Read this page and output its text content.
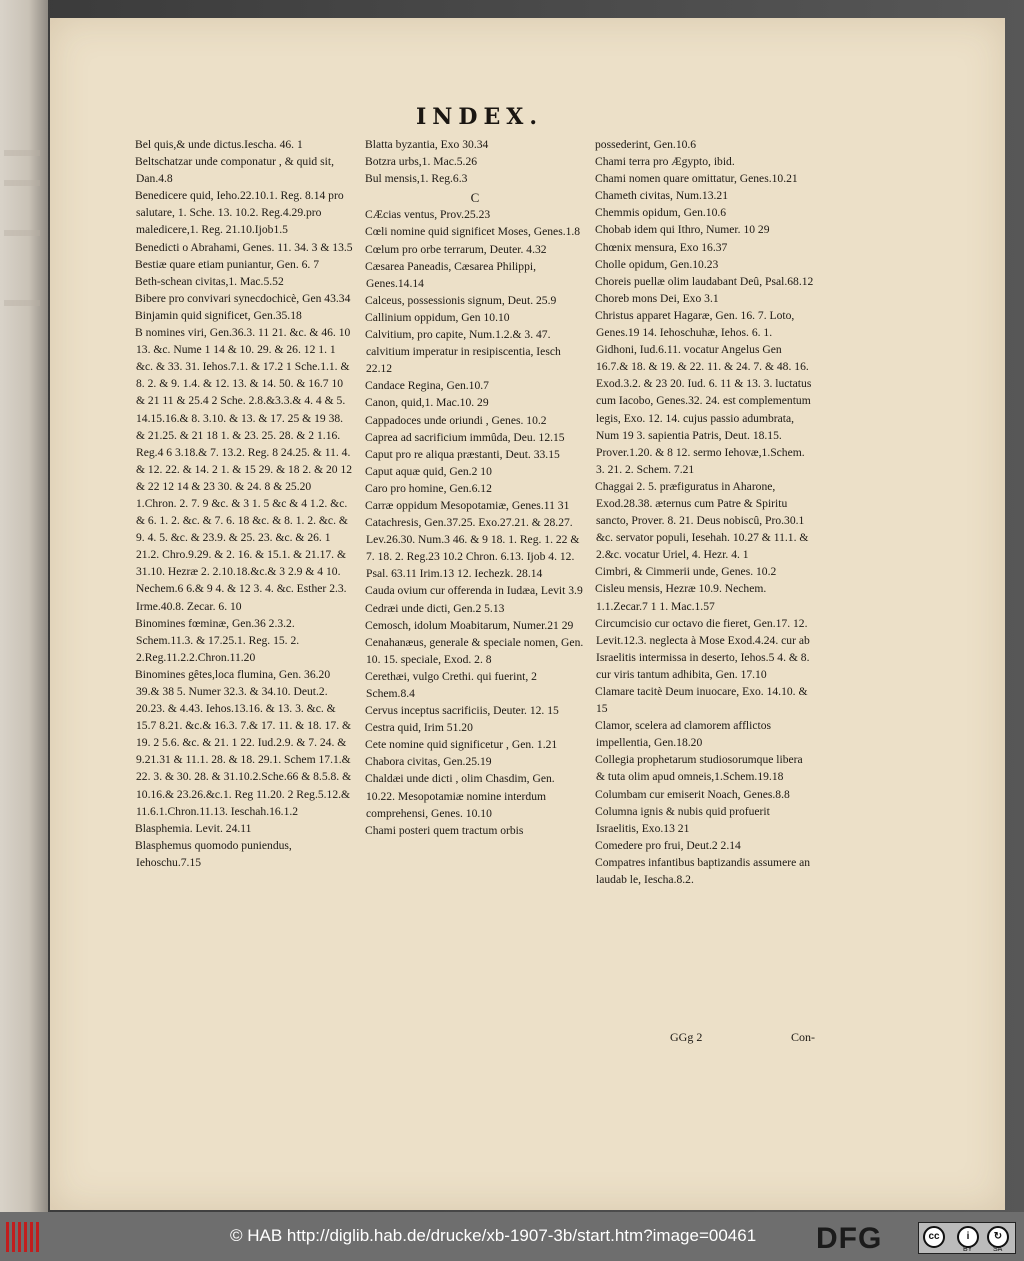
INDEX.

Bel quis,& unde dictus.Iescha. 46. 1

Beltschatzar unde componatur , & quid sit, Dan.4.8

Benedicere quid, Ieho.22.10.1. Reg. 8.14 pro salutare, 1. Sche. 13. 10.2. Reg.4.29.pro maledicere,1. Reg. 21.10.Ijob1.5

Benedicti o Abrahami, Genes. 11. 34. 3 & 13.5

Bestiæ quare etiam puniantur, Gen. 6. 7

Beth-schean civitas,1. Mac.5.52

Bibere pro convivari synecdochicè, Gen 43.34

Binjamin quid significet, Gen.35.18

B nomines viri, Gen.36.3. 11 21. &c. & 46. 10 13. &c. Nume 1 14 & 10. 29. & 26. 12 1. 1 &c. & 33. 31. Iehos.7.1. & 17.2 1 Sche.1.1. & 8. 2. & 9. 1.4. & 12. 13. & 14. 50. & 16.7 10 & 21 11 & 25.4 2 Sche. 2.8.&3.3.& 4. 4 & 5. 14.15.16.& 8. 3.10. & 13. & 17. 25 & 19 38. & 21.25. & 21 18 1. & 23. 25. 28. & 2 1.16. Reg.4 6 3.18.& 7. 13.2. Reg. 8 24.25. & 11. 4. & 12. 22. & 14. 2 1. & 15 29. & 18 2. & 20 12 & 22 12 14 & 23 30. & 24. 8 & 25.20 1.Chron. 2. 7. 9 &c. & 3 1. 5 &c & 4 1.2. &c. & 6. 1. 2. &c. & 7. 6. 18 &c. & 8. 1. 2. &c. & 9. 4. 5. &c. & 23.9. & 25. 23. &c. & 26. 1 21.2. Chro.9.29. & 2. 16. & 15.1. & 21.17. & 31.10. Hezræ 2. 2.10.18.&c.& 3 2.9 & 4 10. Nechem.6 6.& 9 4. & 12 3. 4. &c. Esther 2.3. Irme.40.8. Zecar. 6. 10

Binomines fœminæ, Gen.36 2.3.2. Schem.11.3. & 17.25.1. Reg. 15. 2. 2.Reg.11.2.2.Chron.11.20

Binomines gêtes,loca flumina, Gen. 36.20 39.& 38 5. Numer 32.3. & 34.10. Deut.2. 20.23. & 4.43. Iehos.13.16. & 13. 3. &c. & 15.7 8.21. &c.& 16.3. 7.& 17. 11. & 18. 17. & 19. 2 5.6. &c. & 21. 1 22. Iud.2.9. & 7. 24. & 9.21.31 & 11.1. 28. & 18. 29.1. Schem 17.1.& 22. 3. & 30. 28. & 31.10.2.Sche.66 & 8.5.8. & 10.16.& 23.26.&c.1. Reg 11.20. 2 Reg.5.12.& 11.6.1.Chron.11.13. Ieschah.16.1.2

Blasphemia. Levit. 24.11

Blasphemus quomodo puniendus, Iehoschu.7.15

Blatta byzantia, Exo 30.34

Botzra urbs,1. Mac.5.26

Bul mensis,1. Reg.6.3

C

CÆcias ventus, Prov.25.23

Cœli nomine quid significet Moses, Genes.1.8

Cœlum pro orbe terrarum, Deuter. 4.32

Cæsarea Paneadis, Cæsarea Philippi, Genes.14.14

Calceus, possessionis signum, Deut. 25.9

Callinium oppidum, Gen 10.10

Calvitium, pro capite, Num.1.2.& 3. 47. calvitium imperatur in resipiscentia, Iesch 22.12

Candace Regina, Gen.10.7

Canon, quid,1. Mac.10. 29

Cappadoces unde oriundi , Genes. 10.2

Caprea ad sacrificium immûda, Deu. 12.15

Caput pro re aliqua præstanti, Deut. 33.15

Caput aquæ quid, Gen.2 10

Caro pro homine, Gen.6.12

Carræ oppidum Mesopotamiæ, Genes.11 31

Catachresis, Gen.37.25. Exo.27.21. & 28.27. Lev.26.30. Num.3 46. & 9 18. 1. Reg. 1. 22 & 7. 18. 2. Reg.23 10.2 Chron. 6.13. Ijob 4. 12. Psal. 63.11 Irim.13 12. Iechezk. 28.14

Cauda ovium cur offerenda in Iudæa, Levit 3.9

Cedræi unde dicti, Gen.2 5.13

Cemosch, idolum Moabitarum, Numer.21 29

Cenahanæus, generale & speciale nomen, Gen. 10. 15. speciale, Exod. 2. 8

Cerethæi, vulgo Crethi. qui fuerint, 2 Schem.8.4

Cervus inceptus sacrificiis, Deuter. 12. 15

Cestra quid, Irim 51.20

Cete nomine quid significetur , Gen. 1.21

Chabora civitas, Gen.25.19

Chaldæi unde dicti , olim Chasdim, Gen. 10.22. Mesopotamiæ nomine interdum comprehensi, Genes. 10.10

Chami posteri quem tractum orbis

possederint, Gen.10.6

Chami terra pro Ægypto, ibid.

Chami nomen quare omittatur, Genes.10.21

Chameth civitas, Num.13.21

Chemmis opidum, Gen.10.6

Chobab idem qui Ithro, Numer. 10 29

Chœnix mensura, Exo 16.37

Cholle opidum, Gen.10.23

Choreis puellæ olim laudabant Deû, Psal.68.12

Choreb mons Dei, Exo 3.1

Christus apparet Hagaræ, Gen. 16. 7. Loto, Genes.19 14. Iehoschuhæ, Iehos. 6. 1. Gidhoni, Iud.6.11. vocatur Angelus Gen 16.7.& 18. & 19. & 22. 11. & 24. 7. & 48. 16. Exod.3.2. & 23 20. Iud. 6. 11 & 13. 3. luctatus cum Iacobo, Genes.32. 24. est complementum legis, Exo. 12. 14. cujus passio adumbrata, Num 19 3. sapientia Patris, Deut. 18.15. Prover.1.20. & 8 12. sermo Iehovæ,1.Schem. 3. 21. 2. Schem. 7.21

Chaggai 2. 5. præfiguratus in Aharone, Exod.28.38. æternus cum Patre & Spiritu sancto, Prover. 8. 21. Deus nobiscû, Pro.30.1 &c. servator populi, Iesehah. 10.27 & 11.1. & 2.&c. vocatur Uriel, 4. Hezr. 4. 1

Cimbri, & Cimmerii unde, Genes. 10.2

Cisleu mensis, Hezræ 10.9. Nechem. 1.1.Zecar.7 1 1. Mac.1.57

Circumcisio cur octavo die fieret, Gen.17. 12. Levit.12.3. neglecta à Mose Exod.4.24. cur ab Israelitis intermissa in deserto, Iehos.5 4. & 8. cur viris tantum adhibita, Gen. 17.10

Clamare tacitè Deum inuocare, Exo. 14.10. & 15

Clamor, scelera ad clamorem afflictos impellentia, Gen.18.20

Collegia prophetarum studiosorumque libera & tuta olim apud omneis,1.Schem.19.18

Columbam cur emiserit Noach, Genes.8.8

Columna ignis & nubis quid profuerit Israelitis, Exo.13 21

Comedere pro frui, Deut.2 2.14

Compatres infantibus baptizandis assumere an laudab le, Iescha.8.2.

GGg 2	Con-
© HAB http://diglib.hab.de/drucke/xb-1907-3b/start.htm?image=00461 DFG	cc	i	↻
BY	SA
